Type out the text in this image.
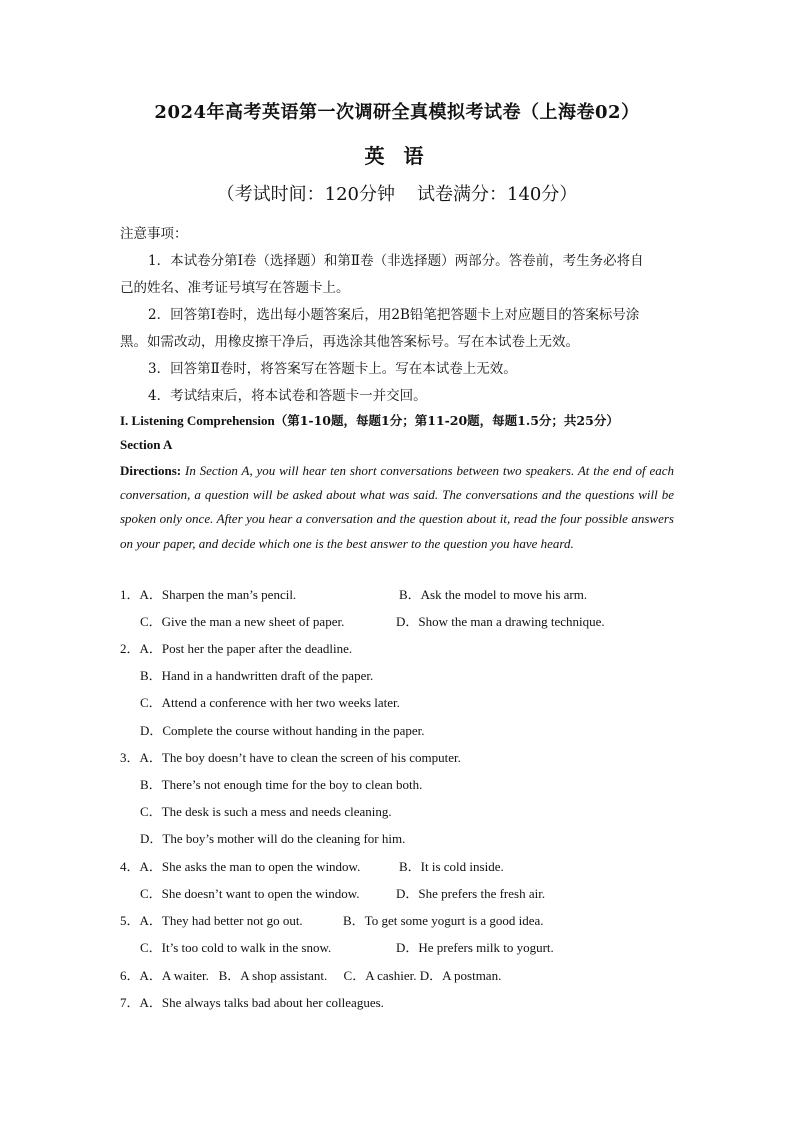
2024年高考英语第一次调研全真模拟考试卷（上海卷02）
英 语
（考试时间：120分钟 试卷满分：140分）
注意事项：
1．本试卷分第Ⅰ卷（选择题）和第Ⅱ卷（非选择题）两部分。答卷前，考生务必将自
己的姓名、准考证号填写在答题卡上。
2．回答第Ⅰ卷时，选出每小题答案后，用2B铅笔把答题卡上对应题目的答案标号涂
黑。如需改动，用橡皮擦干净后，再选涂其他答案标号。写在本试卷上无效。
3．回答第Ⅱ卷时，将答案写在答题卡上。写在本试卷上无效。
4．考试结束后，将本试卷和答题卡一并交回。
I. Listening Comprehension（第1-10题，每题1分；第11-20题，每题1.5分；共25分）
Section A
Directions: In Section A, you will hear ten short conversations between two speakers. At the end of each conversation, a question will be asked about what was said. The conversations and the questions will be spoken only once. After you hear a conversation and the question about it, read the four possible answers on your paper, and decide which one is the best answer to the question you have heard.
1．A．Sharpen the man’s pencil.	B．Ask the model to move his arm.
C．Give the man a new sheet of paper.	D．Show the man a drawing technique.
2．A．Post her the paper after the deadline.
B．Hand in a handwritten draft of the paper.
C．Attend a conference with her two weeks later.
D．Complete the course without handing in the paper.
3．A．The boy doesn’t have to clean the screen of his computer.
B．There’s not enough time for the boy to clean both.
C．The desk is such a mess and needs cleaning.
D．The boy’s mother will do the cleaning for him.
4．A．She asks the man to open the window.	B．It is cold inside.
C．She doesn’t want to open the window.	D．She prefers the fresh air.
5．A．They had better not go out.	B．To get some yogurt is a good idea.
C．It’s too cold to walk in the snow.	D．He prefers milk to yogurt.
6．A．A waiter.   B．A shop assistant.     C．A cashier. D．A postman.
7．A．She always talks bad about her colleagues.
